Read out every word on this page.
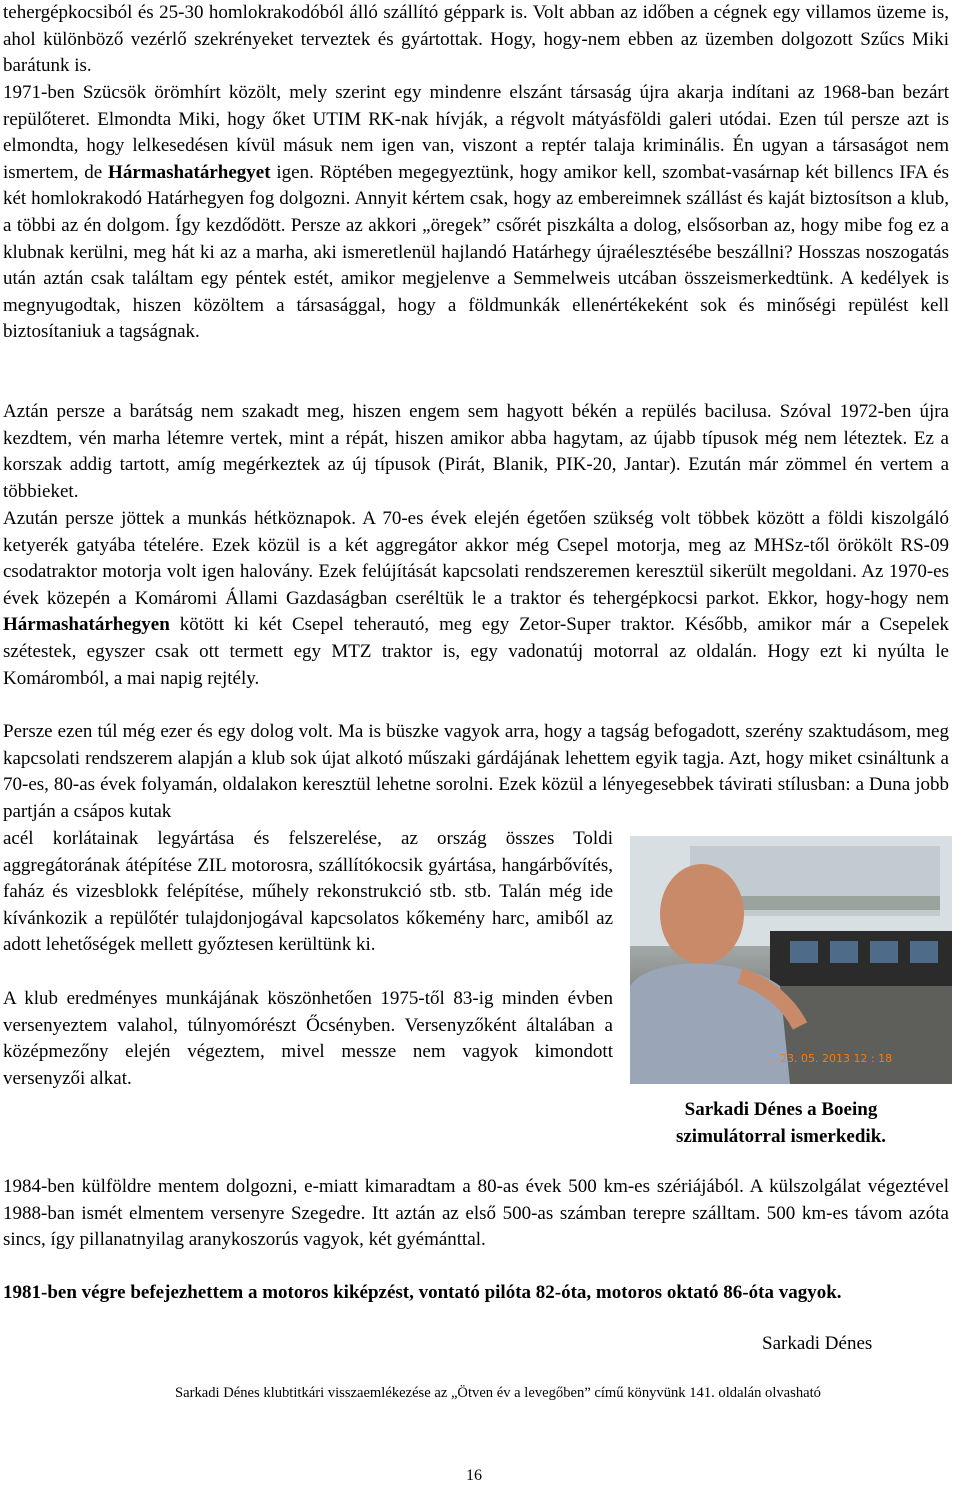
tehergépkocsiból és 25-30 homlokrakodóból álló szállító géppark is. Volt abban az időben a cégnek egy villamos üzeme is, ahol különböző vezérlő szekrényeket terveztek és gyártottak. Hogy, hogy-nem ebben az üzemben dolgozott Szűcs Miki barátunk is.

1971-ben Szücsök örömhírt közölt, mely szerint egy mindenre elszánt társaság újra akarja indítani az 1968-ban bezárt repülőteret. Elmondta Miki, hogy őket UTIM RK-nak hívják, a régvolt mátyásföldi galeri utódai. Ezen túl persze azt is elmondta, hogy lelkesedésen kívül másuk nem igen van, viszont a reptér talaja kriminális. Én ugyan a társaságot nem ismertem, de Hármashatárhegyet igen. Röptében megegyeztünk, hogy amikor kell, szombat-vasárnap két billencs IFA és két homlokrakodó Határhegyen fog dolgozni. Annyit kértem csak, hogy az embereimnek szállást és kaját biztosítson a klub, a többi az én dolgom. Így kezdődött. Persze az akkori „öregek” csőrét piszkálta a dolog, elsősorban az, hogy mibe fog ez a klubnak kerülni, meg hát ki az a marha, aki ismeretlenül hajlandó Határhegy újraélesztésébe beszállni? Hosszas noszogatás után aztán csak találtam egy péntek estét, amikor megjelenve a Semmelweis utcában összeismerkedtünk. A kedélyek is megnyugodtak, hiszen közöltem a társasággal, hogy a földmunkák ellenértékeként sok és minőségi repülést kell biztosítaniuk a tagságnak.

Aztán persze a barátság nem szakadt meg, hiszen engem sem hagyott békén a repülés bacilusa. Szóval 1972-ben újra kezdtem, vén marha létemre vertek, mint a répát, hiszen amikor abba hagytam, az újabb típusok még nem léteztek. Ez a korszak addig tartott, amíg megérkeztek az új típusok (Pirát, Blanik, PIK-20, Jantar). Ezután már zömmel én vertem a többieket.

Azután persze jöttek a munkás hétköznapok. A 70-es évek elején égetően szükség volt többek között a földi kiszolgáló ketyerék gatyába tételére. Ezek közül is a két aggregátor akkor még Csepel motorja, meg az MHSz-től örökölt RS-09 csodatraktor motorja volt igen halovány. Ezek felújítását kapcsolati rendszeremen keresztül sikerült megoldani. Az 1970-es évek közepén a Komáromi Állami Gazdaságban cseréltük le a traktor és tehergépkocsi parkot. Ekkor, hogy-hogy nem Hármashatárhegyen kötött ki két Csepel teherautó, meg egy Zetor-Super traktor. Később, amikor már a Csepelek szétestek, egyszer csak ott termett egy MTZ traktor is, egy vadonatúj motorral az oldalán. Hogy ezt ki nyúlta le Komáromból, a mai napig rejtély.

Persze ezen túl még ezer és egy dolog volt. Ma is büszke vagyok arra, hogy a tagság befogadott, szerény szaktudásom, meg kapcsolati rendszerem alapján a klub sok újat alkotó műszaki gárdájának lehettem egyik tagja. Azt, hogy miket csináltunk a 70-es, 80-as évek folyamán, oldalakon keresztül lehetne sorolni. Ezek közül a lényegesebbek távirati stílusban: a Duna jobb partján a csápos kutak

acél korlátainak legyártása és felszerelése, az ország összes Toldi aggregátorának átépítése ZIL motorosra, szállítókocsik gyártása, hangárbővítés, faház és vizesblokk felépítése, műhely rekonstrukció stb. stb. Talán még ide kívánkozik a repülőtér tulajdonjogával kapcsolatos kőkemény harc, amiből az adott lehetőségek mellett győztesen kerültünk ki.

A klub eredményes munkájának köszönhetően 1975-től 83-ig minden évben versenyeztem valahol, túlnyomórészt Őcsényben. Versenyzőként általában a középmezőny elején végeztem, mivel messze nem vagyok kimondott versenyzői alkat.

23. 05. 2013 12 : 18

Sarkadi Dénes a Boeing
szimulátorral ismerkedik.

1984-ben külföldre mentem dolgozni, e-miatt kimaradtam a 80-as évek 500 km-es szériájából. A külszolgálat végeztével 1988-ban ismét elmentem versenyre Szegedre. Itt aztán az első 500-as számban terepre szálltam. 500 km-es távom azóta sincs, így pillanatnyilag aranykoszorús vagyok, két gyémánttal.

1981-ben végre befejezhettem a motoros kiképzést, vontató pilóta 82-óta, motoros oktató 86-óta vagyok.

Sarkadi Dénes

Sarkadi Dénes klubtitkári visszaemlékezése az „Ötven év a levegőben” című könyvünk 141. oldalán olvasható

16
